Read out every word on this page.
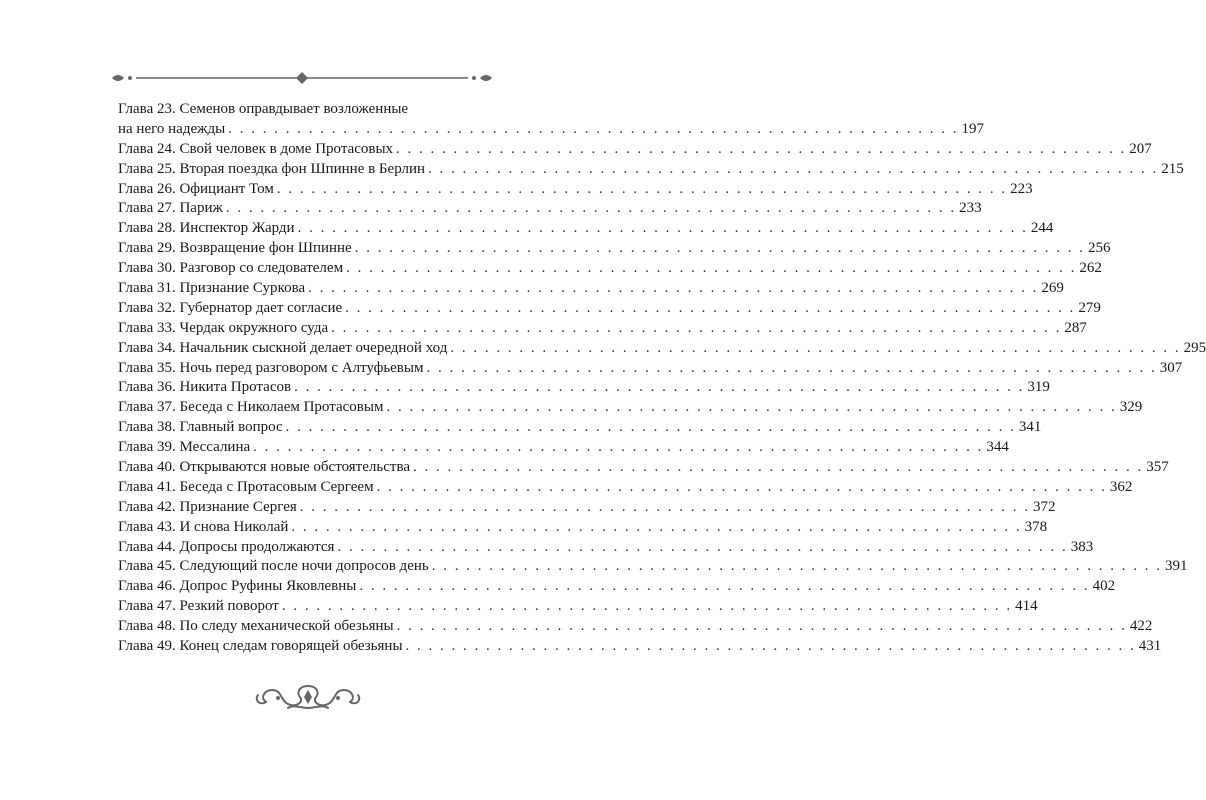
Глава 23. Семенов оправдывает возложенные
на него надежды . . .	197
Глава 24. Свой человек в доме Протасовых . . .	207
Глава 25. Вторая поездка фон Шпинне в Берлин . . .	215
Глава 26. Официант Том . . .	223
Глава 27. Париж . . .	233
Глава 28. Инспектор Жарди . . .	244
Глава 29. Возвращение фон Шпинне . . .	256
Глава 30. Разговор со следователем . . .	262
Глава 31. Признание Суркова . . .	269
Глава 32. Губернатор дает согласие . . .	279
Глава 33. Чердак окружного суда . . .	287
Глава 34. Начальник сыскной делает очередной ход . . .	295
Глава 35. Ночь перед разговором с Алтуфьевым . . .	307
Глава 36. Никита Протасов . . .	319
Глава 37. Беседа с Николаем Протасовым . . .	329
Глава 38. Главный вопрос . . .	341
Глава 39. Мессалина . . .	344
Глава 40. Открываются новые обстоятельства . . .	357
Глава 41. Беседа с Протасовым Сергеем . . .	362
Глава 42. Признание Сергея . . .	372
Глава 43. И снова Николай . . .	378
Глава 44. Допросы продолжаются . . .	383
Глава 45. Следующий после ночи допросов день . . .	391
Глава 46. Допрос Руфины Яковлевны . . .	402
Глава 47. Резкий поворот . . .	414
Глава 48. По следу механической обезьяны . . .	422
Глава 49. Конец следам говорящей обезьяны . . .	431
